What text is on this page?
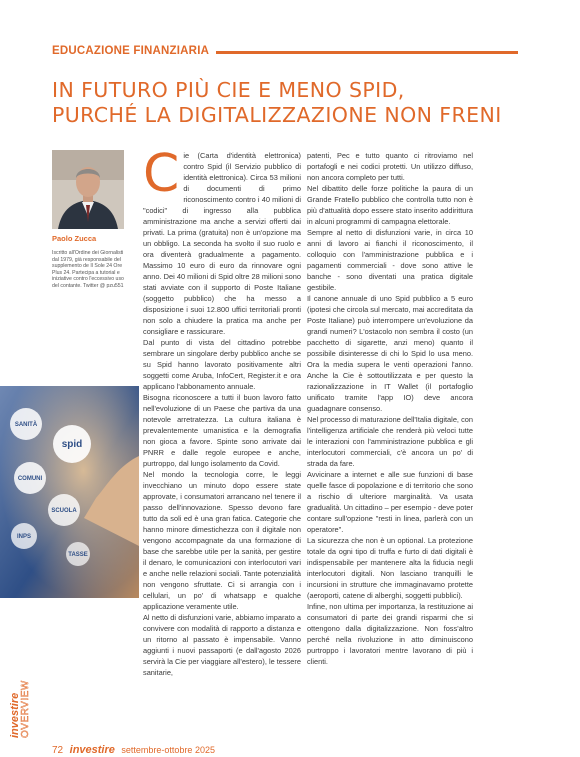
EDUCAZIONE FINANZIARIA
IN FUTURO PIÙ CIE E MENO SPID,
PURCHÉ LA DIGITALIZZAZIONE NON FRENI
Paolo Zucca
Iscritto all'Ordine dei Giornalisti dal 1979, già responsabile del supplemento de Il Sole 24 Ore Plus 24. Partecipa a tutorial e iniziative contro l'eccessivo uso del contante. Twitter @ pzu551
SANITÀ
spid
COMUNI
SCUOLA
INPS
TASSE
investire OVERVIEW

Cie (Carta d'identità elettronica) contro Spid (il Servizio pubblico di identità elettronica). Circa 53 milioni di documenti di primo riconoscimento contro i 40 milioni di "codici" di ingresso alla pubblica amministrazione ma anche a servizi offerti dai privati. La prima (gratuita) non è un'opzione ma un obbligo. La seconda ha svolto il suo ruolo e ora diventerà gradualmente a pagamento. Massimo 10 euro di euro da rinnovare ogni anno. Dei 40 milioni di Spid oltre 28 milioni sono stati avviate con il supporto di Poste Italiane (soggetto pubblico) che ha messo a disposizione i suoi 12.800 uffici territoriali pronti non solo a chiudere la pratica ma anche per consigliare e rassicurare.

Dal punto di vista del cittadino potrebbe sembrare un singolare derby pubblico anche se su Spid hanno lavorato positivamente altri soggetti come Aruba, InfoCert, Register.it e ora applicano l'abbonamento annuale.

Bisogna riconoscere a tutti il buon lavoro fatto nell'evoluzione di un Paese che partiva da una notevole arretratezza. La cultura italiana è prevalentemente umanistica e la demografia non gioca a favore. Spinte sono arrivate dai PNRR e dalle regole europee e anche, purtroppo, dal lungo isolamento da Covid.

Nel mondo la tecnologia corre, le leggi invecchiano un minuto dopo essere state approvate, i consumatori arrancano nel tenere il passo dell'innovazione. Spesso devono fare tutto da soli ed è una gran fatica. Categorie che hanno minore dimestichezza con il digitale non vengono accompagnate da una formazione di base che sarebbe utile per la sanità, per gestire il denaro, le comunicazioni con interlocutori vari e anche nelle relazioni sociali. Tante potenzialità non vengono sfruttate. Ci si arrangia con i cellulari, un po' di whatsapp e qualche applicazione veramente utile.

Al netto di disfunzioni varie, abbiamo imparato a convivere con modalità di rapporto a distanza e un ritorno al passato è impensabile. Vanno aggiunti i nuovi passaporti (e dall'agosto 2026 servirà la Cie per viaggiare all'estero), le tessere sanitarie,

patenti, Pec e tutto quanto ci ritroviamo nel portafogli e nei codici protetti. Un utilizzo diffuso, non ancora completo per tutti.

Nel dibattito delle forze politiche la paura di un Grande Fratello pubblico che controlla tutto non è più d'attualità dopo essere stato inserito addirittura in alcuni programmi di campagna elettorale.

Sempre al netto di disfunzioni varie, in circa 10 anni di lavoro ai fianchi il riconoscimento, il colloquio con l'amministrazione pubblica e i pagamenti commerciali - dove sono attive le banche - sono diventati una pratica digitale gestibile.

Il canone annuale di uno Spid pubblico a 5 euro (ipotesi che circola sul mercato, mai accreditata da Poste Italiane) può interrompere un'evoluzione da grandi numeri? L'ostacolo non sembra il costo (un pacchetto di sigarette, anzi meno) quanto il possibile disinteresse di chi lo Spid lo usa meno. Ora la media supera le venti operazioni l'anno. Anche la Cie è sottoutilizzata e per questo la razionalizzazione in IT Wallet (il portafoglio unificato tramite l'app IO) deve ancora guadagnare consenso.

Nel processo di maturazione dell'Italia digitale, con l'intelligenza artificiale che renderà più veloci tutte le interazioni con l'amministrazione pubblica e gli interlocutori commerciali, c'è ancora un po' di strada da fare.

Avvicinare a internet e alle sue funzioni di base quelle fasce di popolazione e di territorio che sono a rischio di ulteriore marginalità. Va usata gradualità. Un cittadino – per esempio - deve poter contare sull'opzione "resti in linea, parlerà con un operatore".

La sicurezza che non è un optional. La protezione totale da ogni tipo di truffa e furto di dati digitali è indispensabile per mantenere alta la fiducia negli interlocutori digitali. Non lasciano tranquilli le incursioni in strutture che immaginavamo protette (aeroporti, catene di alberghi, soggetti pubblici).

Infine, non ultima per importanza, la restituzione ai consumatori di parte dei grandi risparmi che si ottengono dalla digitalizzazione. Non foss'altro perché nella rivoluzione in atto diminuiscono purtroppo i lavoratori mentre lavorano di più i clienti.

72 investire settembre-ottobre 2025
